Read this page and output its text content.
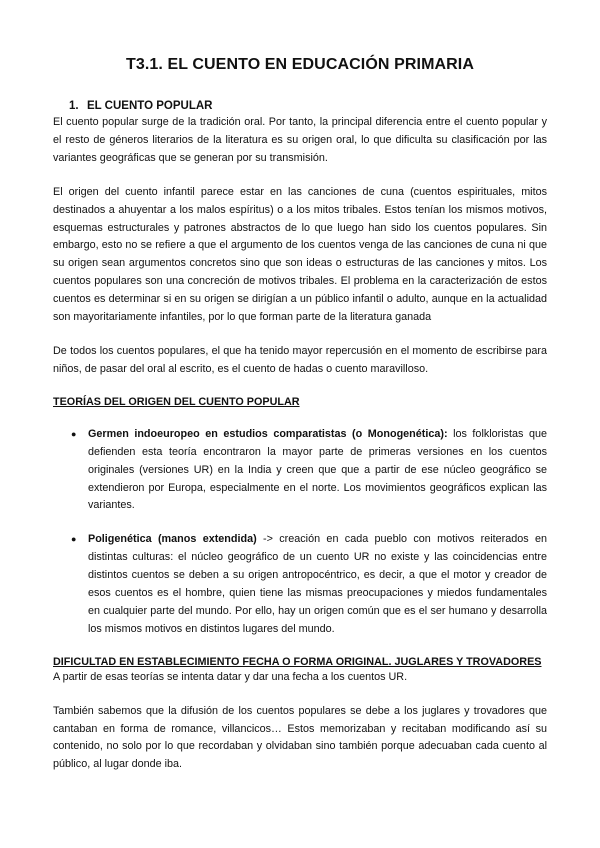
T3.1. EL CUENTO EN EDUCACIÓN PRIMARIA
1. EL CUENTO POPULAR

El cuento popular surge de la tradición oral. Por tanto, la principal diferencia entre el cuento popular y el resto de géneros literarios de la literatura es su origen oral, lo que dificulta su clasificación por las variantes geográficas que se generan por su transmisión.

El origen del cuento infantil parece estar en las canciones de cuna (cuentos espirituales, mitos destinados a ahuyentar a los malos espíritus) o a los mitos tribales. Estos tenían los mismos motivos, esquemas estructurales y patrones abstractos de lo que luego han sido los cuentos populares. Sin embargo, esto no se refiere a que el argumento de los cuentos venga de las canciones de cuna ni que su origen sean argumentos concretos sino que son ideas o estructuras de las canciones y mitos. Los cuentos populares son una concreción de motivos tribales. El problema en la caracterización de estos cuentos es determinar si en su origen se dirigían a un público infantil o adulto, aunque en la actualidad son mayoritariamente infantiles, por lo que forman parte de la literatura ganada

De todos los cuentos populares, el que ha tenido mayor repercusión en el momento de escribirse para niños, de pasar del oral al escrito, es el cuento de hadas o cuento maravilloso.

TEORÍAS DEL ORIGEN DEL CUENTO POPULAR
● Germen indoeuropeo en estudios comparatistas (o Monogenética): los folkloristas que defienden esta teoría encontraron la mayor parte de primeras versiones en los cuentos originales (versiones UR) en la India y creen que que a partir de ese núcleo geográfico se extendieron por Europa, especialmente en el norte. Los movimientos geográficos explican las variantes.
● Poligenética (manos extendida) -> creación en cada pueblo con motivos reiterados en distintas culturas: el núcleo geográfico de un cuento UR no existe y las coincidencias entre distintos cuentos se deben a su origen antropocéntrico, es decir, a que el motor y creador de esos cuentos es el hombre, quien tiene las mismas preocupaciones y miedos fundamentales en cualquier parte del mundo. Por ello, hay un origen común que es el ser humano y desarrolla los mismos motivos en distintos lugares del mundo.
DIFICULTAD EN ESTABLECIMIENTO FECHA O FORMA ORIGINAL. JUGLARES Y TROVADORES

A partir de esas teorías se intenta datar y dar una fecha a los cuentos UR.

También sabemos que la difusión de los cuentos populares se debe a los juglares y trovadores que cantaban en forma de romance, villancicos… Estos memorizaban y recitaban modificando así su contenido, no solo por lo que recordaban y olvidaban sino también porque adecuaban cada cuento al público, al lugar donde iba.
